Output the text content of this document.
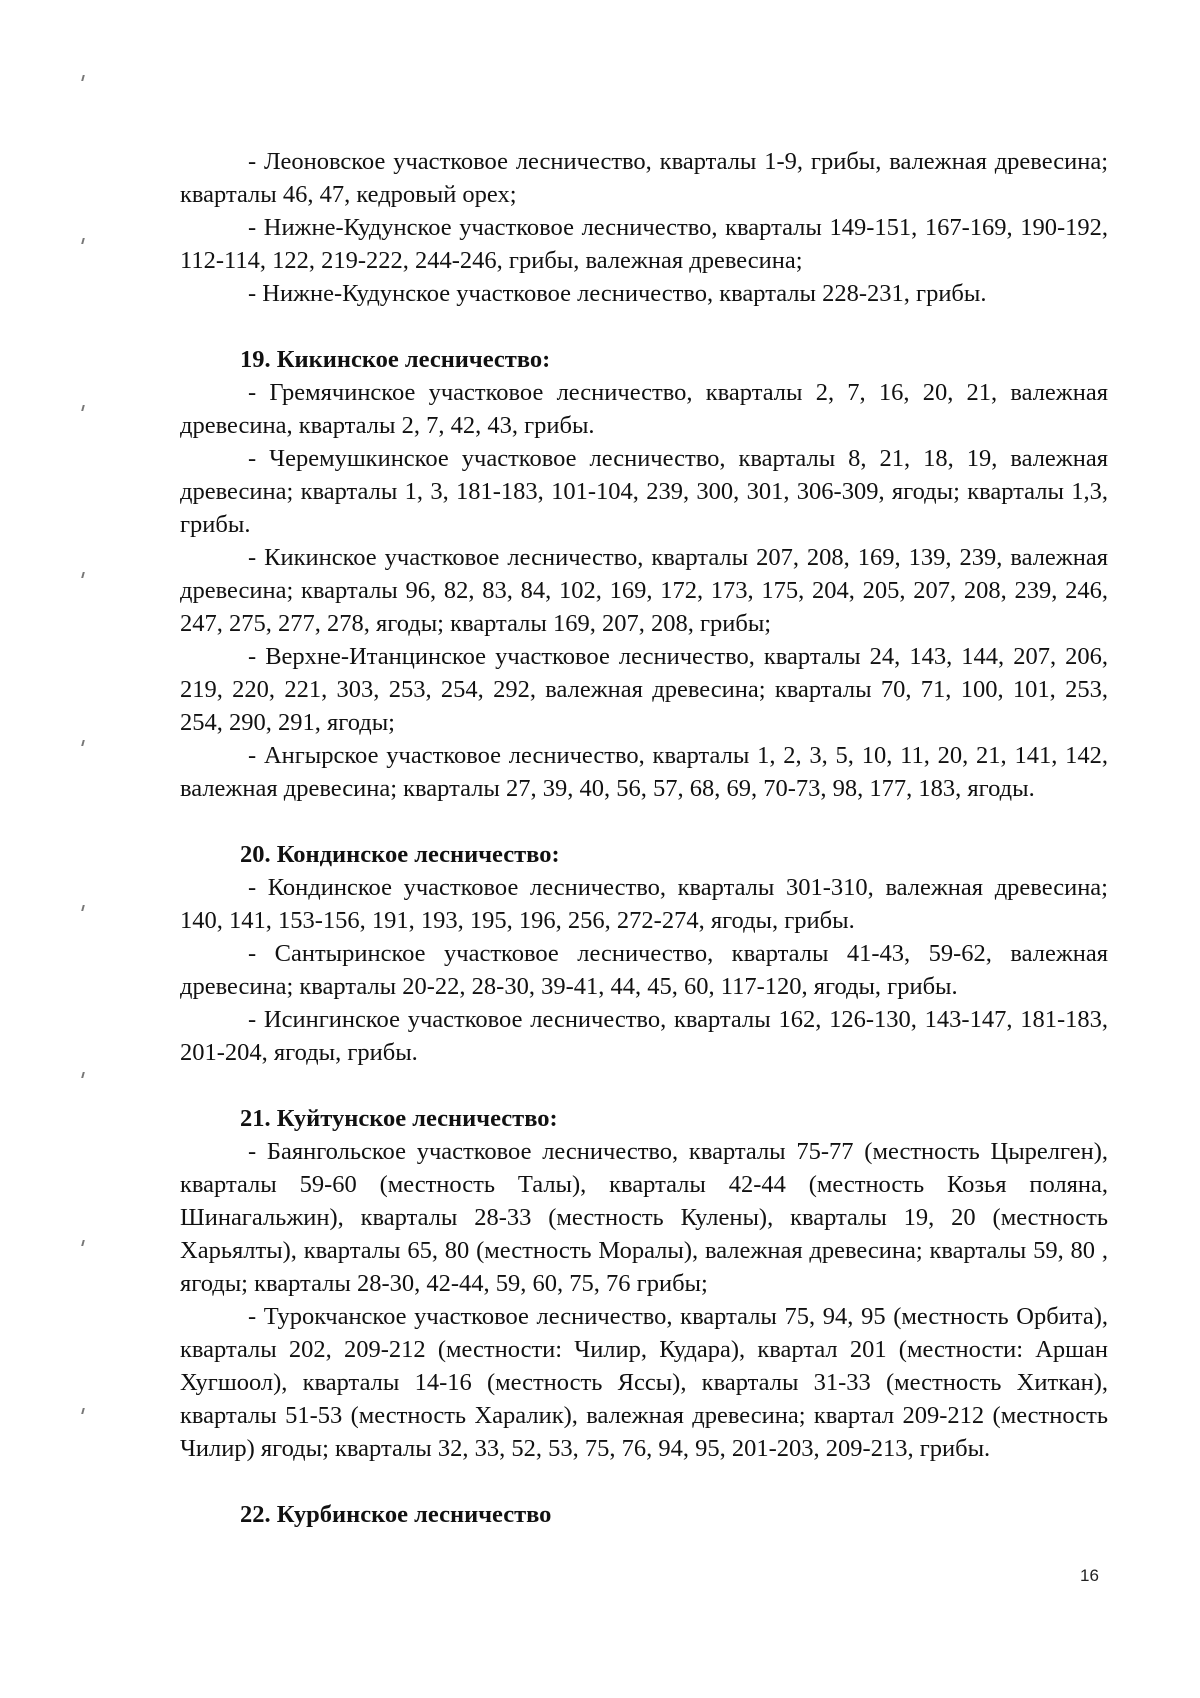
- Леоновское участковое лесничество, кварталы 1-9, грибы, валежная древесина; кварталы 46, 47, кедровый орех;

- Нижне-Кудунское участковое лесничество, кварталы 149-151, 167-169, 190-192, 112-114, 122, 219-222, 244-246, грибы, валежная древесина;

- Нижне-Кудунское участковое лесничество, кварталы 228-231, грибы.

19. Кикинское лесничество:

- Гремячинское участковое лесничество, кварталы 2, 7, 16, 20, 21, валежная древесина, кварталы 2, 7, 42, 43, грибы.

- Черемушкинское участковое лесничество, кварталы 8, 21, 18, 19, валежная древесина; кварталы 1, 3, 181-183, 101-104, 239, 300, 301, 306-309, ягоды; кварталы 1,3, грибы.

- Кикинское участковое лесничество, кварталы 207, 208, 169, 139, 239, валежная древесина; кварталы 96, 82, 83, 84, 102, 169, 172, 173, 175, 204, 205, 207, 208, 239, 246, 247, 275, 277, 278, ягоды; кварталы 169, 207, 208, грибы;

- Верхне-Итанцинское участковое лесничество, кварталы 24, 143, 144, 207, 206, 219, 220, 221, 303, 253, 254, 292, валежная древесина; кварталы 70, 71, 100, 101, 253, 254, 290, 291, ягоды;

- Ангырское участковое лесничество, кварталы 1, 2, 3, 5, 10, 11, 20, 21, 141, 142, валежная древесина; кварталы 27, 39, 40, 56, 57, 68, 69, 70-73, 98, 177, 183, ягоды.

20. Кондинское лесничество:

- Кондинское участковое лесничество, кварталы 301-310, валежная древесина; 140, 141, 153-156, 191, 193, 195, 196, 256, 272-274, ягоды, грибы.

- Сантыринское участковое лесничество, кварталы 41-43, 59-62, валежная древесина; кварталы 20-22, 28-30, 39-41, 44, 45, 60, 117-120, ягоды, грибы.

- Исингинское участковое лесничество, кварталы 162, 126-130, 143-147, 181-183, 201-204, ягоды, грибы.

21. Куйтунское лесничество:

- Баянгольское участковое лесничество, кварталы 75-77 (местность Цырелген), кварталы 59-60 (местность Талы), кварталы 42-44 (местность Козья поляна, Шинагальжин), кварталы 28-33 (местность Кулены), кварталы 19, 20 (местность Харьялты), кварталы 65, 80 (местность Моралы), валежная древесина; кварталы 59, 80 , ягоды; кварталы 28-30, 42-44, 59, 60, 75, 76 грибы;

- Турокчанское участковое лесничество, кварталы 75, 94, 95 (местность Орбита), кварталы 202, 209-212 (местности: Чилир, Кудара), квартал 201 (местности: Аршан Хугшоол), кварталы 14-16 (местность Яссы), кварталы 31-33 (местность Хиткан), кварталы 51-53 (местность Харалик), валежная древесина; квартал 209-212 (местность Чилир) ягоды; кварталы 32, 33, 52, 53, 75, 76, 94, 95, 201-203, 209-213, грибы.

22. Курбинское лесничество

16
